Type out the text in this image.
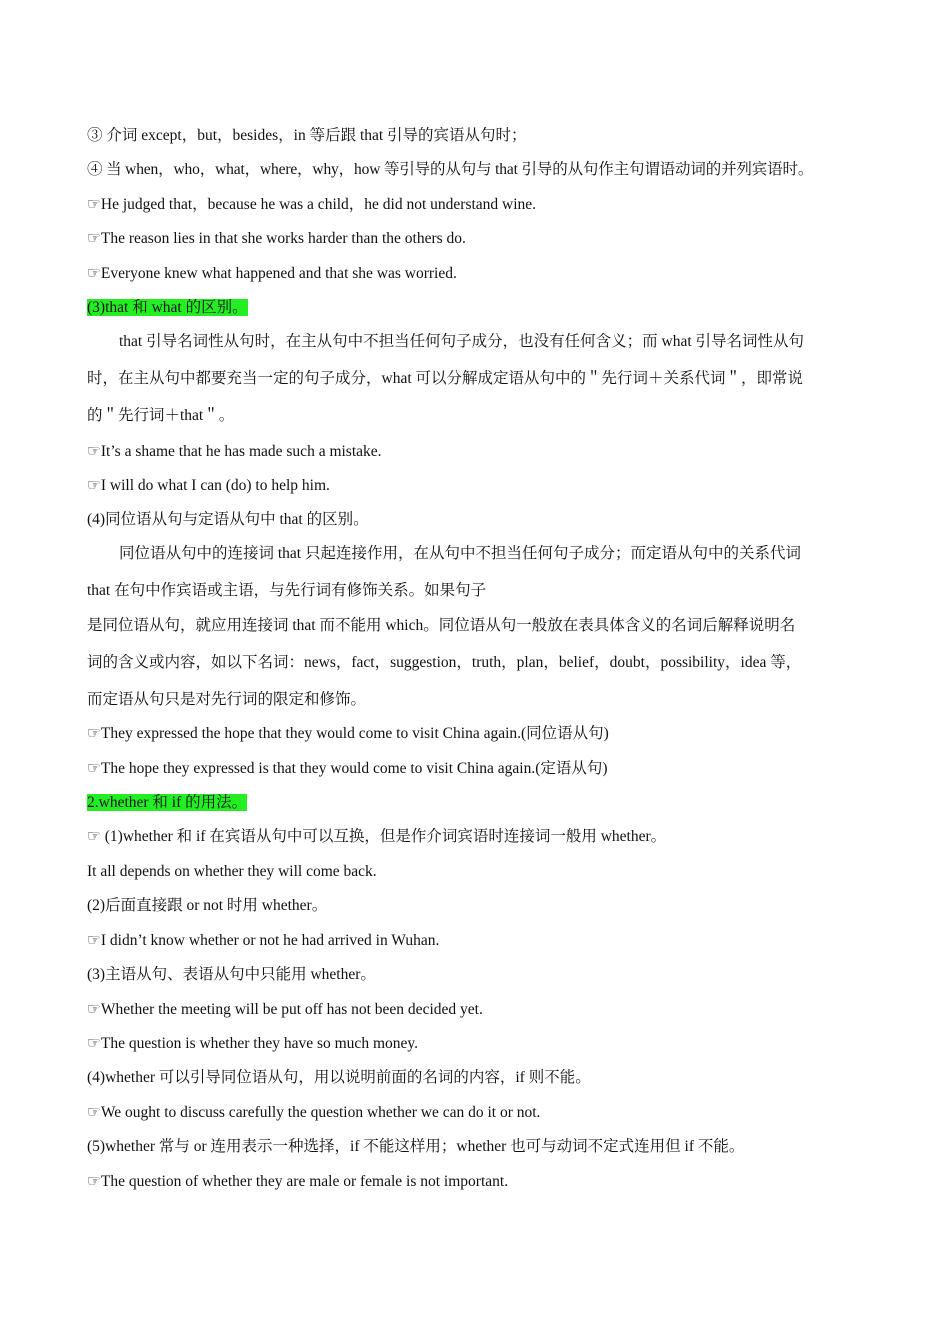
③ 介词 except，but，besides，in 等后跟 that 引导的宾语从句时；
④ 当 when，who，what，where，why，how 等引导的从句与 that 引导的从句作主句谓语动词的并列宾语时。
☞He judged that，because he was a child，he did not understand wine.
☞The reason lies in that she works harder than the others do.
☞Everyone knew what happened and that she was worried.
(3)that 和 what 的区别。
that 引导名词性从句时，在主从句中不担当任何句子成分，也没有任何含义；而 what 引导名词性从句
时，在主从句中都要充当一定的句子成分，what 可以分解成定语从句中的＂先行词＋关系代词＂，即常说
的＂先行词＋that＂。
☞It’s a shame that he has made such a mistake.
☞I will do what I can (do) to help him.
(4)同位语从句与定语从句中 that 的区别。
同位语从句中的连接词 that 只起连接作用，在从句中不担当任何句子成分；而定语从句中的关系代词
that 在句中作宾语或主语，与先行词有修饰关系。如果句子
是同位语从句，就应用连接词 that 而不能用 which。同位语从句一般放在表具体含义的名词后解释说明名
词的含义或内容，如以下名词：news，fact，suggestion，truth，plan，belief，doubt，possibility，idea 等，
而定语从句只是对先行词的限定和修饰。
☞They expressed the hope that they would come to visit China again.(同位语从句)
☞The hope they expressed is that they would come to visit China again.(定语从句)
2.whether 和 if 的用法。
☞ (1)whether 和 if 在宾语从句中可以互换，但是作介词宾语时连接词一般用 whether。
It all depends on whether they will come back.
(2)后面直接跟 or not 时用 whether。
☞I didn’t know whether or not he had arrived in Wuhan.
(3)主语从句、表语从句中只能用 whether。
☞Whether the meeting will be put off has not been decided yet.
☞The question is whether they have so much money.
(4)whether 可以引导同位语从句，用以说明前面的名词的内容，if 则不能。
☞We ought to discuss carefully the question whether we can do it or not.
(5)whether 常与 or 连用表示一种选择，if 不能这样用；whether 也可与动词不定式连用但 if 不能。
☞The question of whether they are male or female is not important.
